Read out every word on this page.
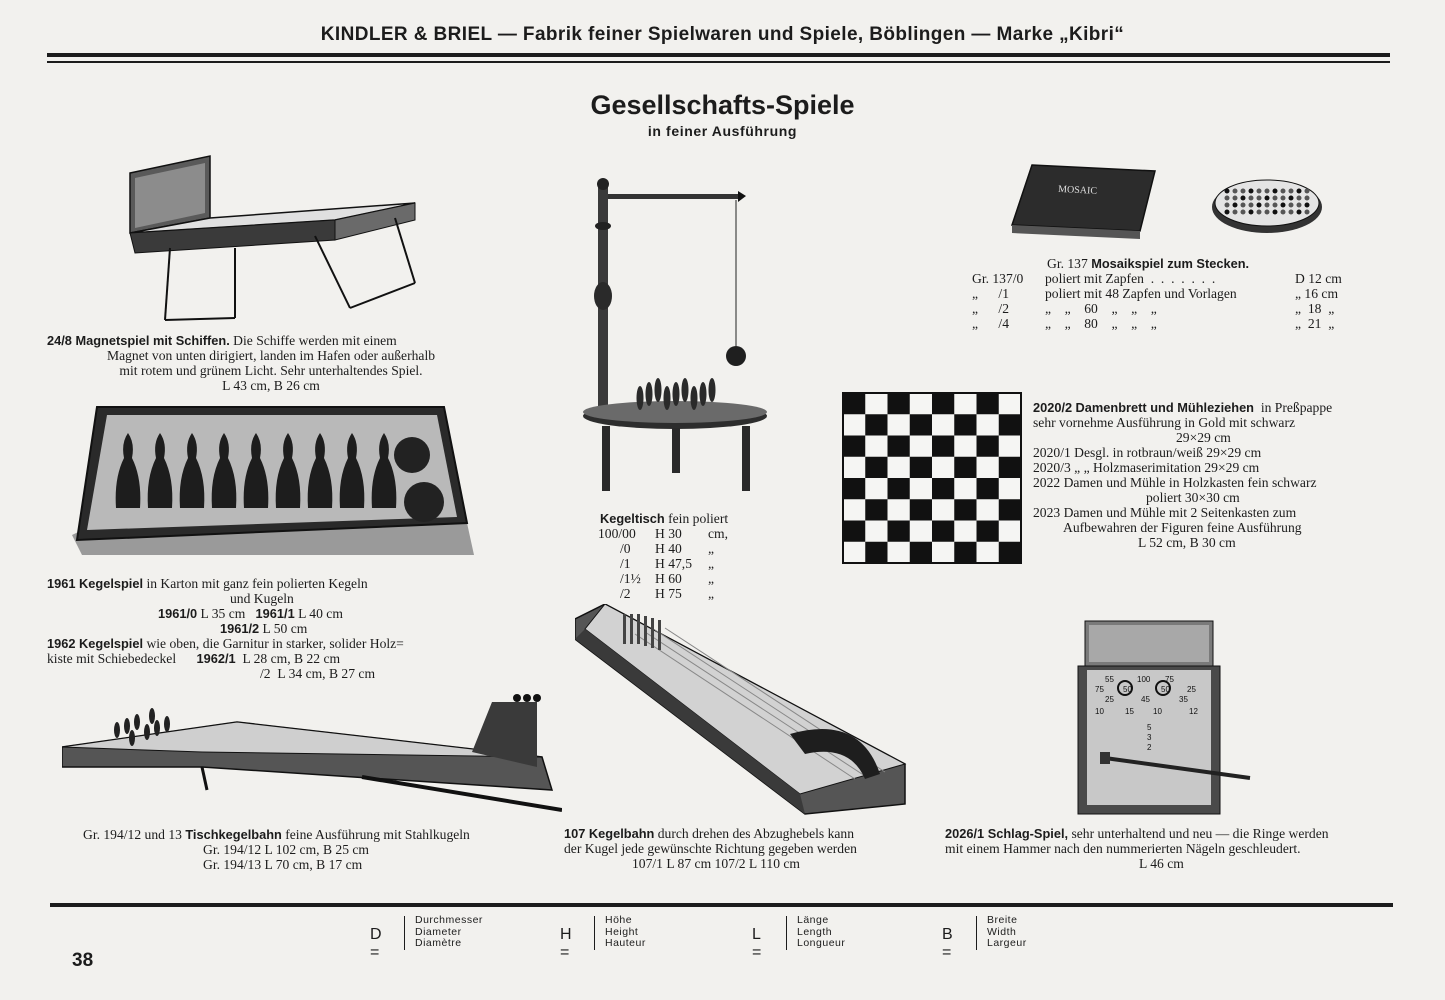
KINDLER & BRIEL — Fabrik feiner Spielwaren und Spiele, Böblingen — Marke „Kibri“
Gesellschafts-Spiele
in feiner Ausführung
24/8 Magnetspiel mit Schiffen. Die Schiffe werden mit einem
Magnet von unten dirigiert, landen im Hafen oder außerhalb
mit rotem und grünem Licht. Sehr unterhaltendes Spiel.
L 43 cm, B 26 cm
1961 Kegelspiel in Karton mit ganz fein polierten Kegeln
und Kugeln
1961/0 L 35 cm 1961/1 L 40 cm
1961/2 L 50 cm
1962 Kegelspiel wie oben, die Garnitur in starker, solider Holz=
kiste mit Schiebedeckel 1962/1 L 28 cm, B 22 cm
/2 L 34 cm, B 27 cm
Gr. 194/12 und 13 Tischkegelbahn feine Ausführung mit Stahlkugeln
Gr. 194/12 L 102 cm, B 25 cm
Gr. 194/13 L 70 cm, B 17 cm
Kegeltisch fein poliert
100/00 H 30 cm,
/0 H 40 „
/1 H 47,5 „
/1½ H 60 „
/2 H 75 „
107 Kegelbahn durch drehen des Abzughebels kann
der Kugel jede gewünschte Richtung gegeben werden
107/1 L 87 cm 107/2 L 110 cm
MOSAIC
Gr. 137 Mosaikspiel zum Stecken.
Gr. 137/0 poliert mit Zapfen  .  .  .  .  .  .  .	D 12 cm
„      /1	poliert mit 48 Zapfen und Vorlagen	„ 16 cm
„      /2	„    „    60    „    „    „	„  18  „
„      /4	„    „    80    „    „    „	„  21  „
2020/2 Damenbrett und Mühleziehen in Preßpappe
sehr vornehme Ausführung in Gold mit schwarz
29×29 cm
2020/1 Desgl. in rotbraun/weiß 29×29 cm
2020/3 „ „ Holzmaserimitation 29×29 cm
2022 Damen und Mühle in Holzkasten fein schwarz
poliert 30×30 cm
2023 Damen und Mühle mit 2 Seitenkasten zum
Aufbewahren der Figuren feine Ausführung
L 52 cm, B 30 cm
55	100 75
75 50	50 25
25	45	35
10	15 10	12
5
3
2
2026/1 Schlag-Spiel, sehr unterhaltend und neu — die Ringe werden
mit einem Hammer nach den nummerierten Nägeln geschleudert.
L 46 cm
D =
Durchmesser
Diameter
Diamètre	H =
Höhe
Height
Hauteur	L =
Länge
Length
Longueur	B =
Breite
Width
Largeur
38
